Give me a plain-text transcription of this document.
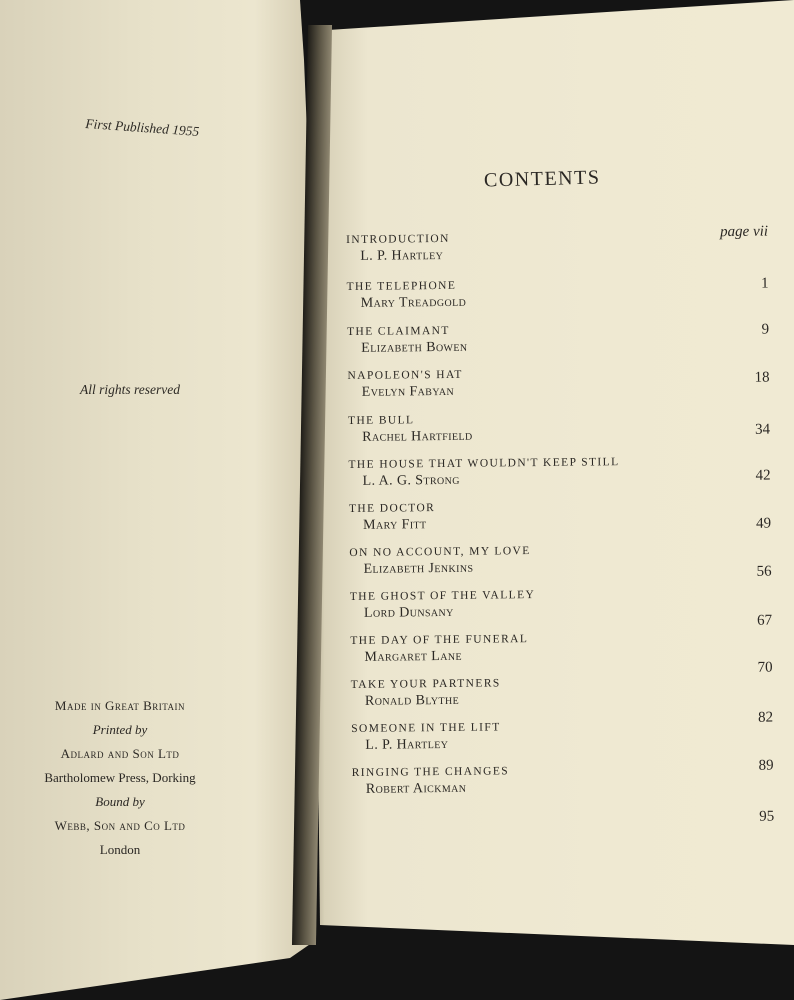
First Published 1955
All rights reserved
Made in Great Britain
Printed by
Adlard and Son Ltd
Bartholomew Press, Dorking
Bound by
Webb, Son and Co Ltd
London
CONTENTS
page vii
INTRODUCTION
L. P. Hartley
THE TELEPHONE
Mary Treadgold
THE CLAIMANT
Elizabeth Bowen
NAPOLEON'S HAT
Evelyn Fabyan
THE BULL
Rachel Hartfield
THE HOUSE THAT WOULDN'T KEEP STILL
L. A. G. Strong
THE DOCTOR
Mary Fitt
ON NO ACCOUNT, MY LOVE
Elizabeth Jenkins
THE GHOST OF THE VALLEY
Lord Dunsany
THE DAY OF THE FUNERAL
Margaret Lane
TAKE YOUR PARTNERS
Ronald Blythe
SOMEONE IN THE LIFT
L. P. Hartley
RINGING THE CHANGES
Robert Aickman
1
9
18
34
42
49
56
67
70
82
89
95
